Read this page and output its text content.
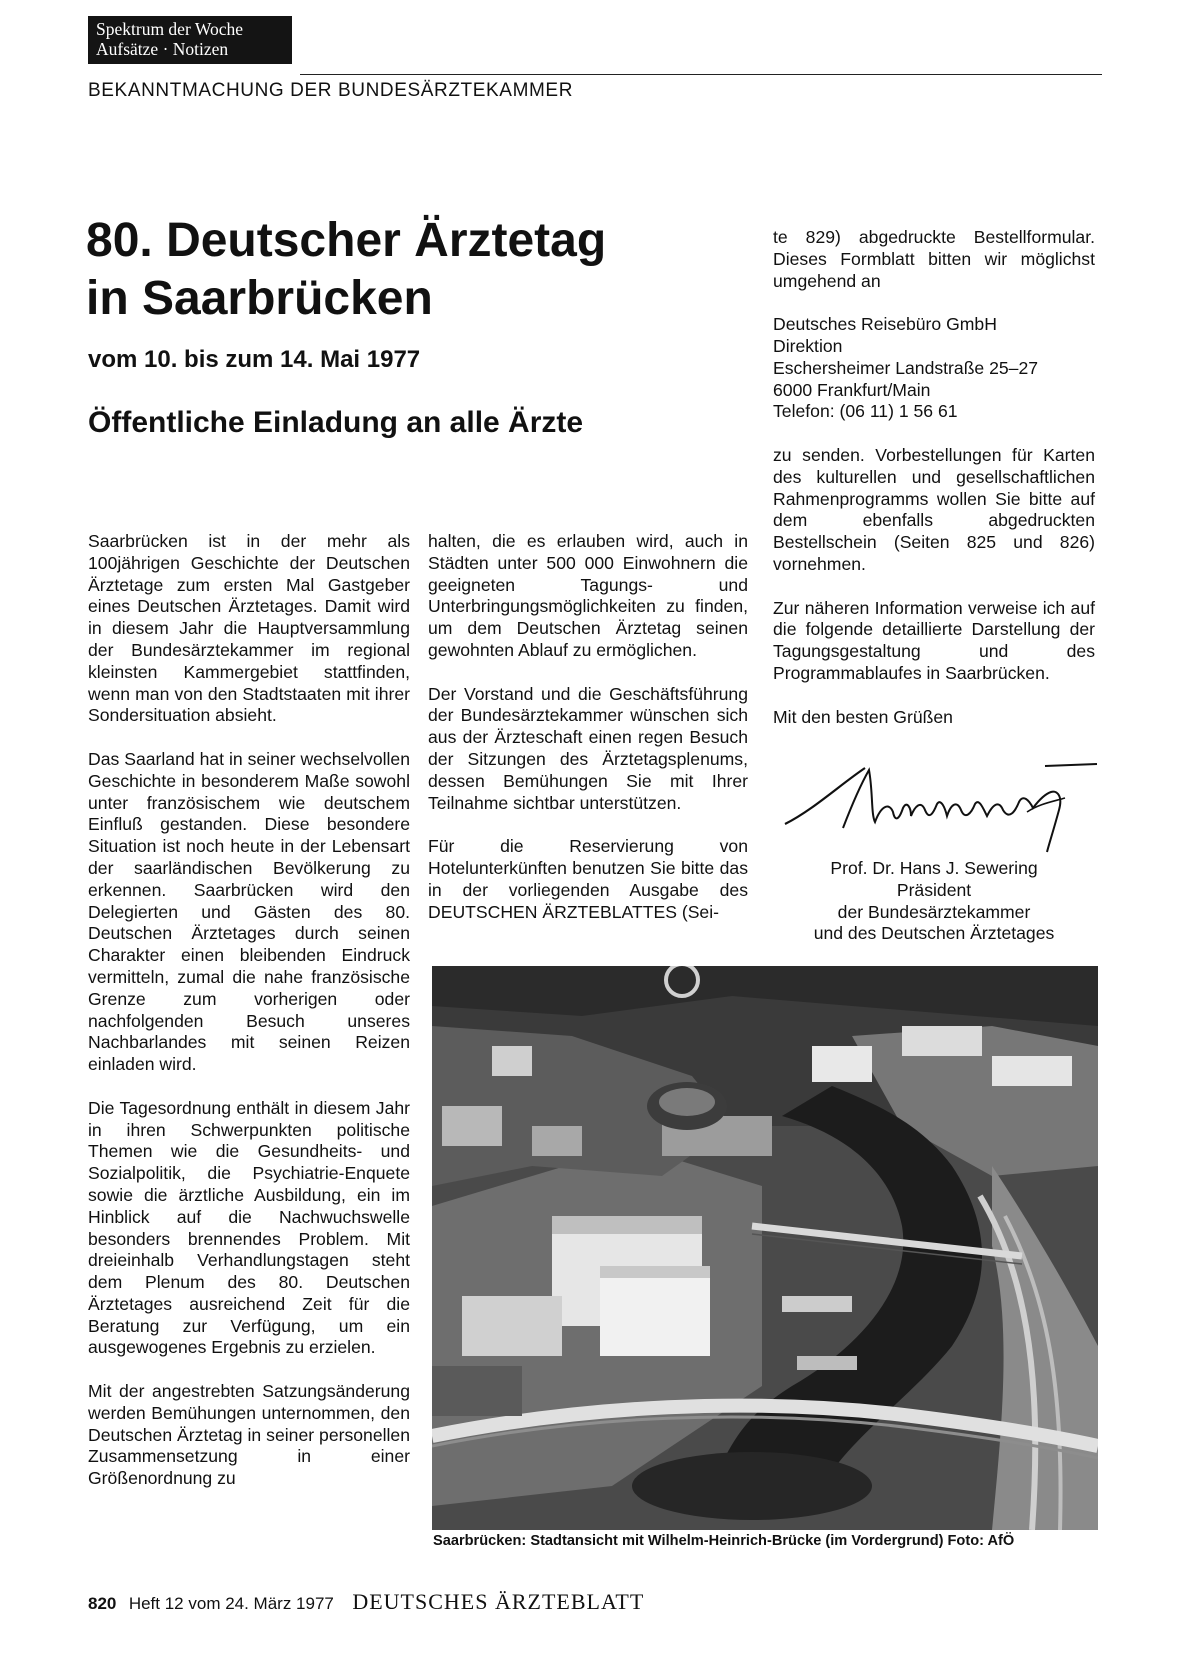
Spektrum der Woche
Aufsätze · Notizen
BEKANNTMACHUNG DER BUNDESÄRZTEKAMMER
80. Deutscher Ärztetag
in Saarbrücken
vom 10. bis zum 14. Mai 1977
Öffentliche Einladung an alle Ärzte

Saarbrücken ist in der mehr als 100jährigen Geschichte der Deutschen Ärztetage zum ersten Mal Gastgeber eines Deutschen Ärztetages. Damit wird in diesem Jahr die Hauptversammlung der Bundesärztekammer im regional kleinsten Kammergebiet stattfinden, wenn man von den Stadtstaaten mit ihrer Sondersituation absieht.

Das Saarland hat in seiner wechselvollen Geschichte in besonderem Maße sowohl unter französischem wie deutschem Einfluß gestanden. Diese besondere Situation ist noch heute in der Lebensart der saarländischen Bevölkerung zu erkennen. Saarbrücken wird den Delegierten und Gästen des 80. Deutschen Ärztetages durch seinen Charakter einen bleibenden Eindruck vermitteln, zumal die nahe französische Grenze zum vorherigen oder nachfolgenden Besuch unseres Nachbarlandes mit seinen Reizen einladen wird.

Die Tagesordnung enthält in diesem Jahr in ihren Schwerpunkten politische Themen wie die Gesundheits- und Sozialpolitik, die Psychiatrie-Enquete sowie die ärztliche Ausbildung, ein im Hinblick auf die Nachwuchswelle besonders brennendes Problem. Mit dreieinhalb Verhandlungstagen steht dem Plenum des 80. Deutschen Ärztetages ausreichend Zeit für die Beratung zur Verfügung, um ein ausgewogenes Ergebnis zu erzielen.

Mit der angestrebten Satzungsänderung werden Bemühungen unternommen, den Deutschen Ärztetag in seiner personellen Zusammensetzung in einer Größenordnung zu

halten, die es erlauben wird, auch in Städten unter 500 000 Einwohnern die geeigneten Tagungs- und Unterbringungsmöglichkeiten zu finden, um dem Deutschen Ärztetag seinen gewohnten Ablauf zu ermöglichen.

Der Vorstand und die Geschäftsführung der Bundesärztekammer wünschen sich aus der Ärzteschaft einen regen Besuch der Sitzungen des Ärztetagsplenums, dessen Bemühungen Sie mit Ihrer Teilnahme sichtbar unterstützen.

Für die Reservierung von Hotelunterkünften benutzen Sie bitte das in der vorliegenden Ausgabe des DEUTSCHEN ÄRZTEBLATTES (Sei-

te 829) abgedruckte Bestellformular. Dieses Formblatt bitten wir möglichst umgehend an

Deutsches Reisebüro GmbH
Direktion
Eschersheimer Landstraße 25–27
6000 Frankfurt/Main
Telefon: (06 11) 1 56 61

zu senden. Vorbestellungen für Karten des kulturellen und gesellschaftlichen Rahmenprogramms wollen Sie bitte auf dem ebenfalls abgedruckten Bestellschein (Seiten 825 und 826) vornehmen.

Zur näheren Information verweise ich auf die folgende detaillierte Darstellung der Tagungsgestaltung und des Programmablaufes in Saarbrücken.

Mit den besten Grüßen

Prof. Dr. Hans J. Sewering
Präsident
der Bundesärztekammer
und des Deutschen Ärztetages
Saarbrücken: Stadtansicht mit Wilhelm-Heinrich-Brücke (im Vordergrund) Foto: AfÖ
820 Heft 12 vom 24. März 1977 DEUTSCHES ÄRZTEBLATT
